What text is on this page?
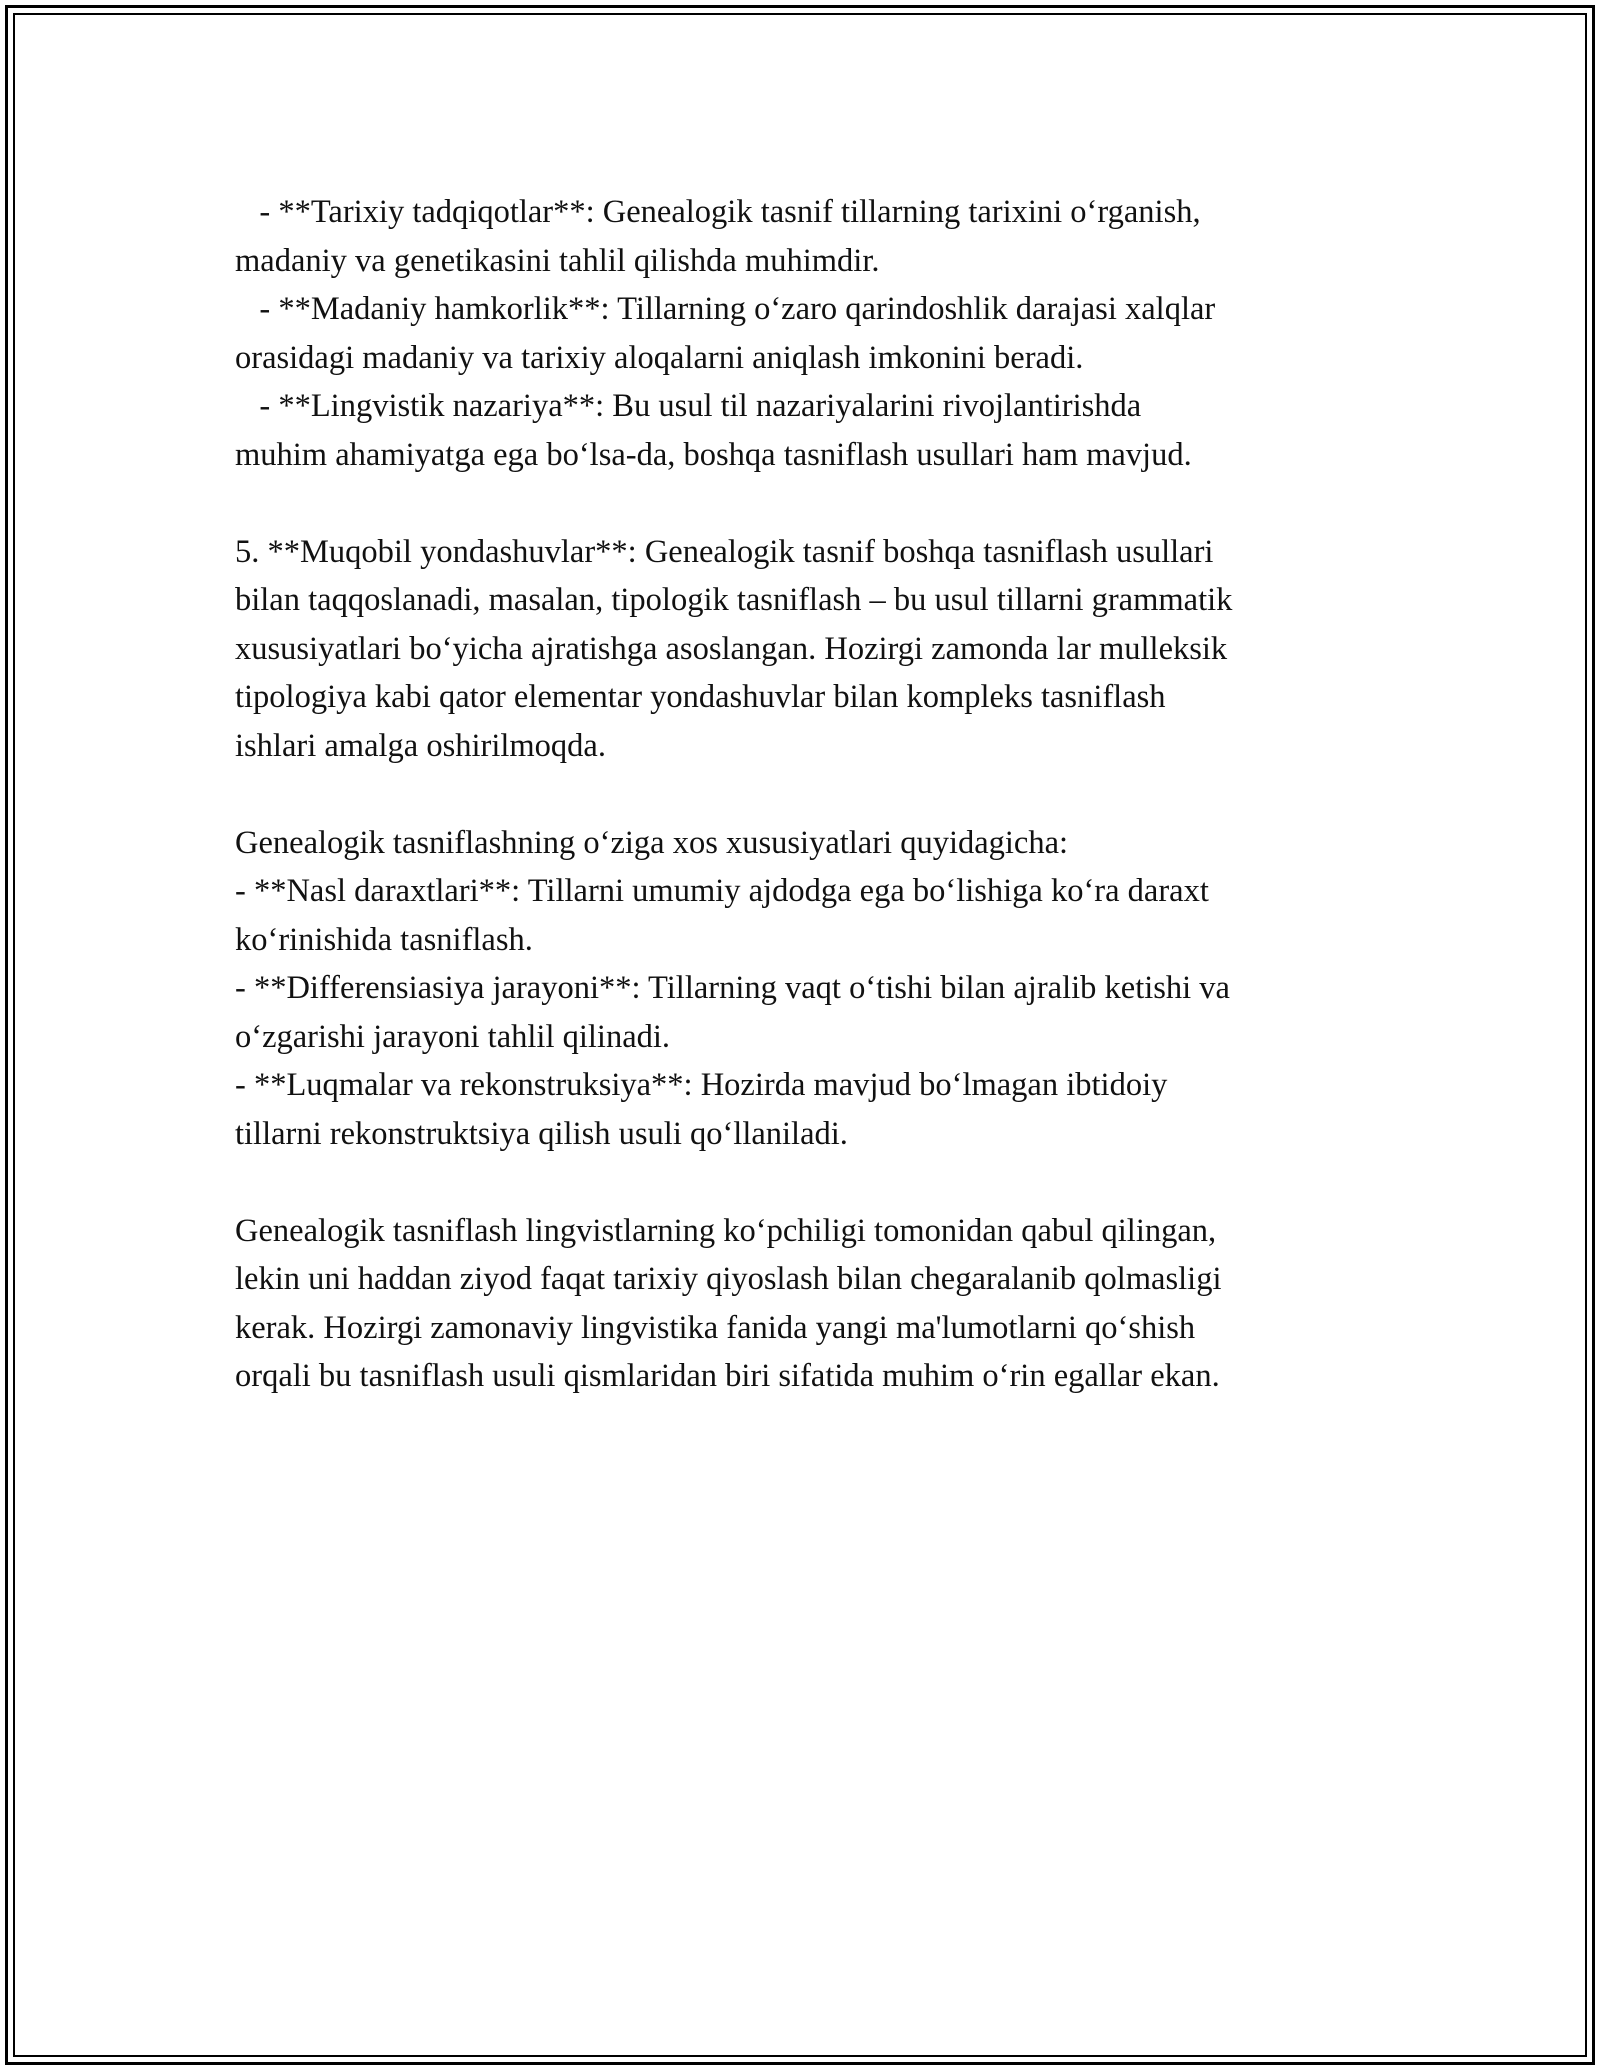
- **Tarixiy tadqiqotlar**: Genealogik tasnif tillarning tarixini o‘rganish,
madaniy va genetikasini tahlil qilishda muhimdir.
- **Madaniy hamkorlik**: Tillarning o‘zaro qarindoshlik darajasi xalqlar
orasidagi madaniy va tarixiy aloqalarni aniqlash imkonini beradi.
- **Lingvistik nazariya**: Bu usul til nazariyalarini rivojlantirishda
muhim ahamiyatga ega bo‘lsa-da, boshqa tasniflash usullari ham mavjud.
5. **Muqobil yondashuvlar**: Genealogik tasnif boshqa tasniflash usullari
bilan taqqoslanadi, masalan, tipologik tasniflash – bu usul tillarni grammatik
xususiyatlari bo‘yicha ajratishga asoslangan. Hozirgi zamonda lar mulleksik
tipologiya kabi qator elementar yondashuvlar bilan kompleks tasniflash
ishlari amalga oshirilmoqda.
Genealogik tasniflashning o‘ziga xos xususiyatlari quyidagicha:
- **Nasl daraxtlari**: Tillarni umumiy ajdodga ega bo‘lishiga ko‘ra daraxt
ko‘rinishida tasniflash.
- **Differensiasiya jarayoni**: Tillarning vaqt o‘tishi bilan ajralib ketishi va
o‘zgarishi jarayoni tahlil qilinadi.
- **Luqmalar va rekonstruksiya**: Hozirda mavjud bo‘lmagan ibtidoiy
tillarni rekonstruktsiya qilish usuli qo‘llaniladi.
Genealogik tasniflash lingvistlarning ko‘pchiligi tomonidan qabul qilingan,
lekin uni haddan ziyod faqat tarixiy qiyoslash bilan chegaralanib qolmasligi
kerak. Hozirgi zamonaviy lingvistika fanida yangi ma'lumotlarni qo‘shish
orqali bu tasniflash usuli qismlaridan biri sifatida muhim o‘rin egallar ekan.
